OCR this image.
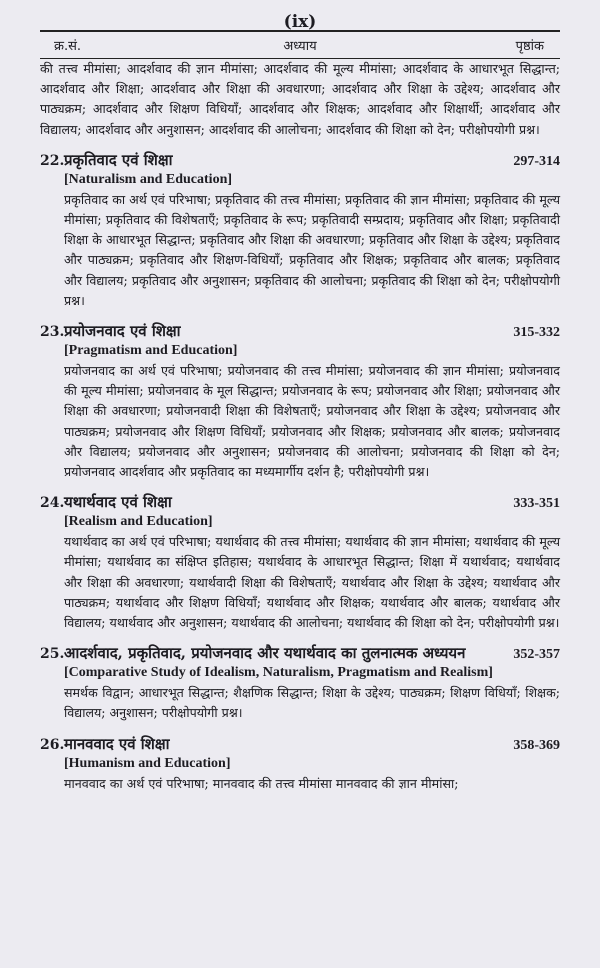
(ix)
क्र.सं.	अध्याय	पृष्ठांक

की तत्त्व मीमांसा; आदर्शवाद की ज्ञान मीमांसा; आदर्शवाद की मूल्य मीमांसा; आदर्शवाद के आधारभूत सिद्धान्त; आदर्शवाद और शिक्षा; आदर्शवाद और शिक्षा की अवधारणा; आदर्शवाद और शिक्षा के उद्देश्य; आदर्शवाद और पाठ्यक्रम; आदर्शवाद और शिक्षण विधियाँ; आदर्शवाद और शिक्षक; आदर्शवाद और शिक्षार्थी; आदर्शवाद और विद्यालय; आदर्शवाद और अनुशासन; आदर्शवाद की आलोचना; आदर्शवाद की शिक्षा को देन; परीक्षोपयोगी प्रश्न।

22. प्रकृतिवाद एवं शिक्षा	297-314
[Naturalism and Education]

प्रकृतिवाद का अर्थ एवं परिभाषा; प्रकृतिवाद की तत्त्व मीमांसा; प्रकृतिवाद की ज्ञान मीमांसा; प्रकृतिवाद की मूल्य मीमांसा; प्रकृतिवाद की विशेषताएँ; प्रकृतिवाद के रूप; प्रकृतिवादी सम्प्रदाय; प्रकृतिवाद और शिक्षा; प्रकृतिवादी शिक्षा के आधारभूत सिद्धान्त; प्रकृतिवाद और शिक्षा की अवधारणा; प्रकृतिवाद और शिक्षा के उद्देश्य; प्रकृतिवाद और पाठ्यक्रम; प्रकृतिवाद और शिक्षण-विधियाँ; प्रकृतिवाद और शिक्षक; प्रकृतिवाद और बालक; प्रकृतिवाद और विद्यालय; प्रकृतिवाद और अनुशासन; प्रकृतिवाद की आलोचना; प्रकृतिवाद की शिक्षा को देन; परीक्षोपयोगी प्रश्न।

23. प्रयोजनवाद एवं शिक्षा	315-332
[Pragmatism and Education]

प्रयोजनवाद का अर्थ एवं परिभाषा; प्रयोजनवाद की तत्त्व मीमांसा; प्रयोजनवाद की ज्ञान मीमांसा; प्रयोजनवाद की मूल्य मीमांसा; प्रयोजनवाद के मूल सिद्धान्त; प्रयोजनवाद के रूप; प्रयोजनवाद और शिक्षा; प्रयोजनवाद और शिक्षा की अवधारणा; प्रयोजनवादी शिक्षा की विशेषताएँ; प्रयोजनवाद और शिक्षा के उद्देश्य; प्रयोजनवाद और पाठ्यक्रम; प्रयोजनवाद और शिक्षण विधियाँ; प्रयोजनवाद और शिक्षक; प्रयोजनवाद और बालक; प्रयोजनवाद और विद्यालय; प्रयोजनवाद और अनुशासन; प्रयोजनवाद की आलोचना; प्रयोजनवाद की शिक्षा को देन; प्रयोजनवाद आदर्शवाद और प्रकृतिवाद का मध्यमार्गीय दर्शन है; परीक्षोपयोगी प्रश्न।

24. यथार्थवाद एवं शिक्षा	333-351
[Realism and Education]

यथार्थवाद का अर्थ एवं परिभाषा; यथार्थवाद की तत्त्व मीमांसा; यथार्थवाद की ज्ञान मीमांसा; यथार्थवाद की मूल्य मीमांसा; यथार्थवाद का संक्षिप्त इतिहास; यथार्थवाद के आधारभूत सिद्धान्त; शिक्षा में यथार्थवाद; यथार्थवाद और शिक्षा की अवधारणा; यथार्थवादी शिक्षा की विशेषताएँ; यथार्थवाद और शिक्षा के उद्देश्य; यथार्थवाद और पाठ्यक्रम; यथार्थवाद और शिक्षण विधियाँ; यथार्थवाद और शिक्षक; यथार्थवाद और बालक; यथार्थवाद और विद्यालय; यथार्थवाद और अनुशासन; यथार्थवाद की आलोचना; यथार्थवाद की शिक्षा को देन; परीक्षोपयोगी प्रश्न।

25. आदर्शवाद, प्रकृतिवाद, प्रयोजनवाद और यथार्थवाद का तुलनात्मक अध्ययन	352-357
[Comparative Study of Idealism, Naturalism, Pragmatism and Realism]

समर्थक विद्वान; आधारभूत सिद्धान्त; शैक्षणिक सिद्धान्त; शिक्षा के उद्देश्य; पाठ्यक्रम; शिक्षण विधियाँ; शिक्षक; विद्यालय; अनुशासन; परीक्षोपयोगी प्रश्न।

26. मानववाद एवं शिक्षा	358-369
[Humanism and Education]

मानववाद का अर्थ एवं परिभाषा; मानववाद की तत्त्व मीमांसा मानववाद की ज्ञान मीमांसा;
